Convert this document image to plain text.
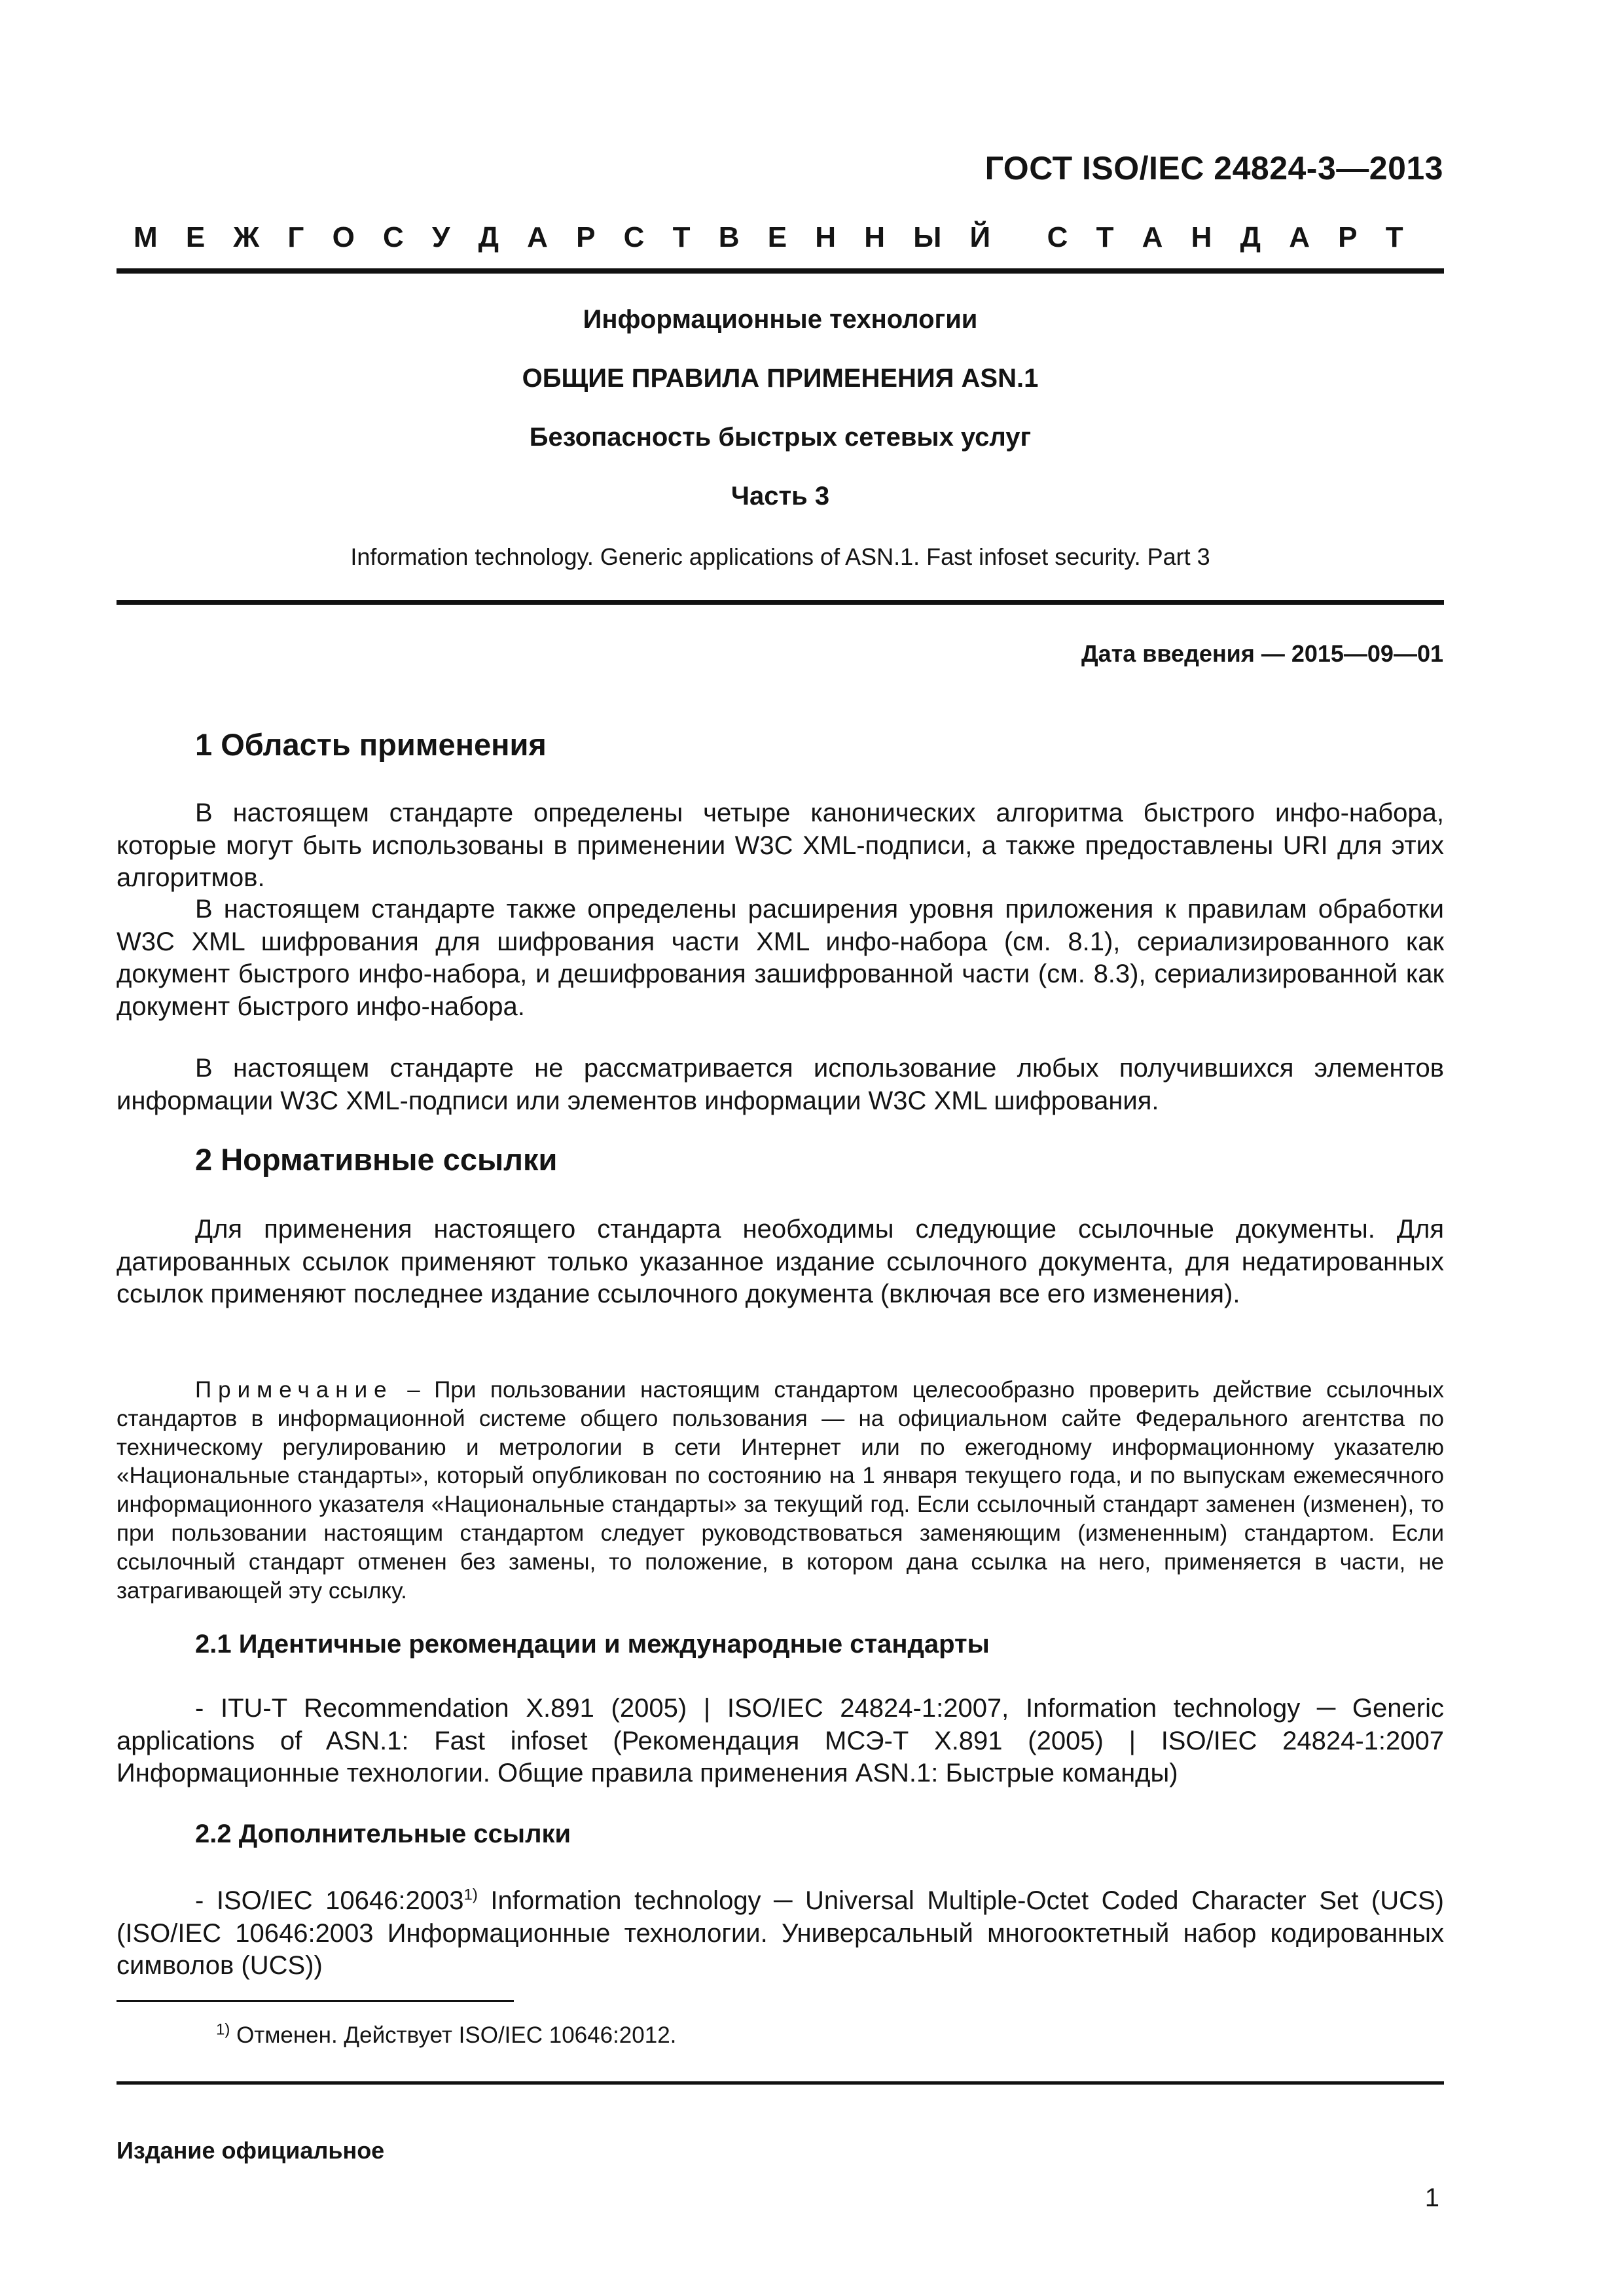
ГОСТ ISO/IEC 24824-3—2013
М Е Ж Г О С У Д А Р С Т В Е Н Н Ы Й С Т А Н Д А Р Т
Информационные технологии
ОБЩИЕ ПРАВИЛА ПРИМЕНЕНИЯ ASN.1
Безопасность быстрых сетевых услуг
Часть 3
Information technology. Generic applications of ASN.1. Fast infoset security. Part 3
Дата введения — 2015—09—01
1 Область применения
В настоящем стандарте определены четыре канонических алгоритма быстрого инфо-набора, которые могут быть использованы в применении W3C XML-подписи, а также предоставлены URI для этих алгоритмов.
В настоящем стандарте также определены расширения уровня приложения к правилам обработки W3C XML шифрования для шифрования части XML инфо-набора (см. 8.1), сериализированного как документ быстрого инфо-набора, и дешифрования зашифрованной части (см. 8.3), сериализированной как документ быстрого инфо-набора.
В настоящем стандарте не рассматривается использование любых получившихся элементов информации W3C XML-подписи или элементов информации W3C XML шифрования.
2 Нормативные ссылки
Для применения настоящего стандарта необходимы следующие ссылочные документы. Для датированных ссылок применяют только указанное издание ссылочного документа, для недатированных ссылок применяют последнее издание ссылочного документа (включая все его изменения).
Примечание – При пользовании настоящим стандартом целесообразно проверить действие ссылочных стандартов в информационной системе общего пользования — на официальном сайте Федерального агентства по техническому регулированию и метрологии в сети Интернет или по ежегодному информационному указателю «Национальные стандарты», который опубликован по состоянию на 1 января текущего года, и по выпускам ежемесячного информационного указателя «Национальные стандарты» за текущий год. Если ссылочный стандарт заменен (изменен), то при пользовании настоящим стандартом следует руководствоваться заменяющим (измененным) стандартом. Если ссылочный стандарт отменен без замены, то положение, в котором дана ссылка на него, применяется в части, не затрагивающей эту ссылку.
2.1 Идентичные рекомендации и международные стандарты
- ITU-T Recommendation X.891 (2005) | ISO/IEC 24824-1:2007, Information technology ─ Generic applications of ASN.1: Fast infoset (Рекомендация МСЭ-Т X.891 (2005) | ISO/IEC 24824-1:2007 Информационные технологии. Общие правила применения ASN.1: Быстрые команды)
2.2 Дополнительные ссылки
- ISO/IEC 10646:2003$^{1)}$ Information technology ─ Universal Multiple-Octet Coded Character Set (UCS) (ISO/IEC 10646:2003 Информационные технологии. Универсальный многооктетный набор кодированных символов (UCS))
$^{1)}$ Отменен. Действует ISO/IEC 10646:2012.
Издание официальное
1
